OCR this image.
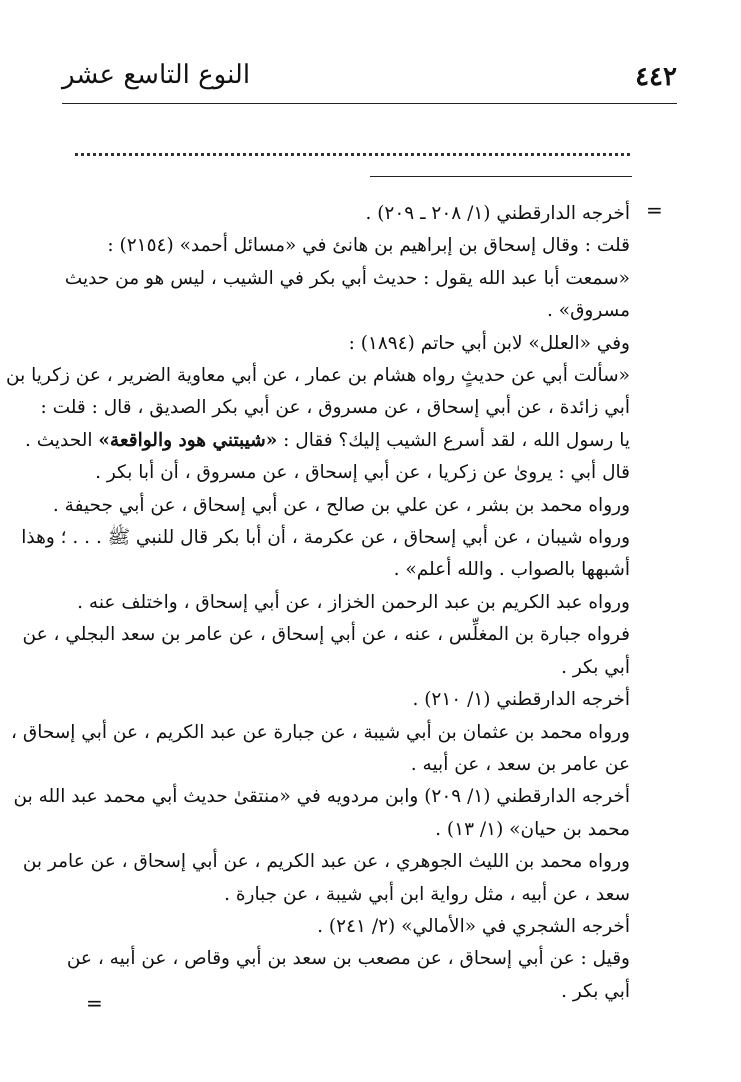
٤٤٢
النوع التاسع عشر
=
=
أخرجه الدارقطني (١/ ٢٠٨ ـ ٢٠٩) .
قلت : وقال إسحاق بن إبراهيم بن هانئ في «مسائل أحمد» (٢١٥٤) :
«سمعت أبا عبد الله يقول : حديث أبي بكر في الشيب ، ليس هو من حديث
مسروق» .
وفي «العلل» لابن أبي حاتم (١٨٩٤) :
«سألت أبي عن حديثٍ رواه هشام بن عمار ، عن أبي معاوية الضرير ، عن زكريا بن
أبي زائدة ، عن أبي إسحاق ، عن مسروق ، عن أبي بكر الصديق ، قال : قلت :
يا رسول الله ، لقد أسرع الشيب إليك؟ فقال : «شيبتني هود والواقعة» الحديث .
قال أبي : يروىٰ عن زكريا ، عن أبي إسحاق ، عن مسروق ، أن أبا بكر .
ورواه محمد بن بشر ، عن علي بن صالح ، عن أبي إسحاق ، عن أبي جحيفة .
ورواه شيبان ، عن أبي إسحاق ، عن عكرمة ، أن أبا بكر قال للنبي ﷺ . . . ؛ وهذا
أشبهها بالصواب . والله أعلم» .
ورواه عبد الكريم بن عبد الرحمن الخزاز ، عن أبي إسحاق ، واختلف عنه .
فرواه جبارة بن المغلِّس ، عنه ، عن أبي إسحاق ، عن عامر بن سعد البجلي ، عن
أبي بكر .
أخرجه الدارقطني (١/ ٢١٠) .
ورواه محمد بن عثمان بن أبي شيبة ، عن جبارة عن عبد الكريم ، عن أبي إسحاق ،
عن عامر بن سعد ، عن أبيه .
أخرجه الدارقطني (١/ ٢٠٩) وابن مردويه في «منتقىٰ حديث أبي محمد عبد الله بن
محمد بن حيان» (١/ ١٣) .
ورواه محمد بن الليث الجوهري ، عن عبد الكريم ، عن أبي إسحاق ، عن عامر بن
سعد ، عن أبيه ، مثل رواية ابن أبي شيبة ، عن جبارة .
أخرجه الشجري في «الأمالي» (٢/ ٢٤١) .
وقيل : عن أبي إسحاق ، عن مصعب بن سعد بن أبي وقاص ، عن أبيه ، عن
أبي بكر .
